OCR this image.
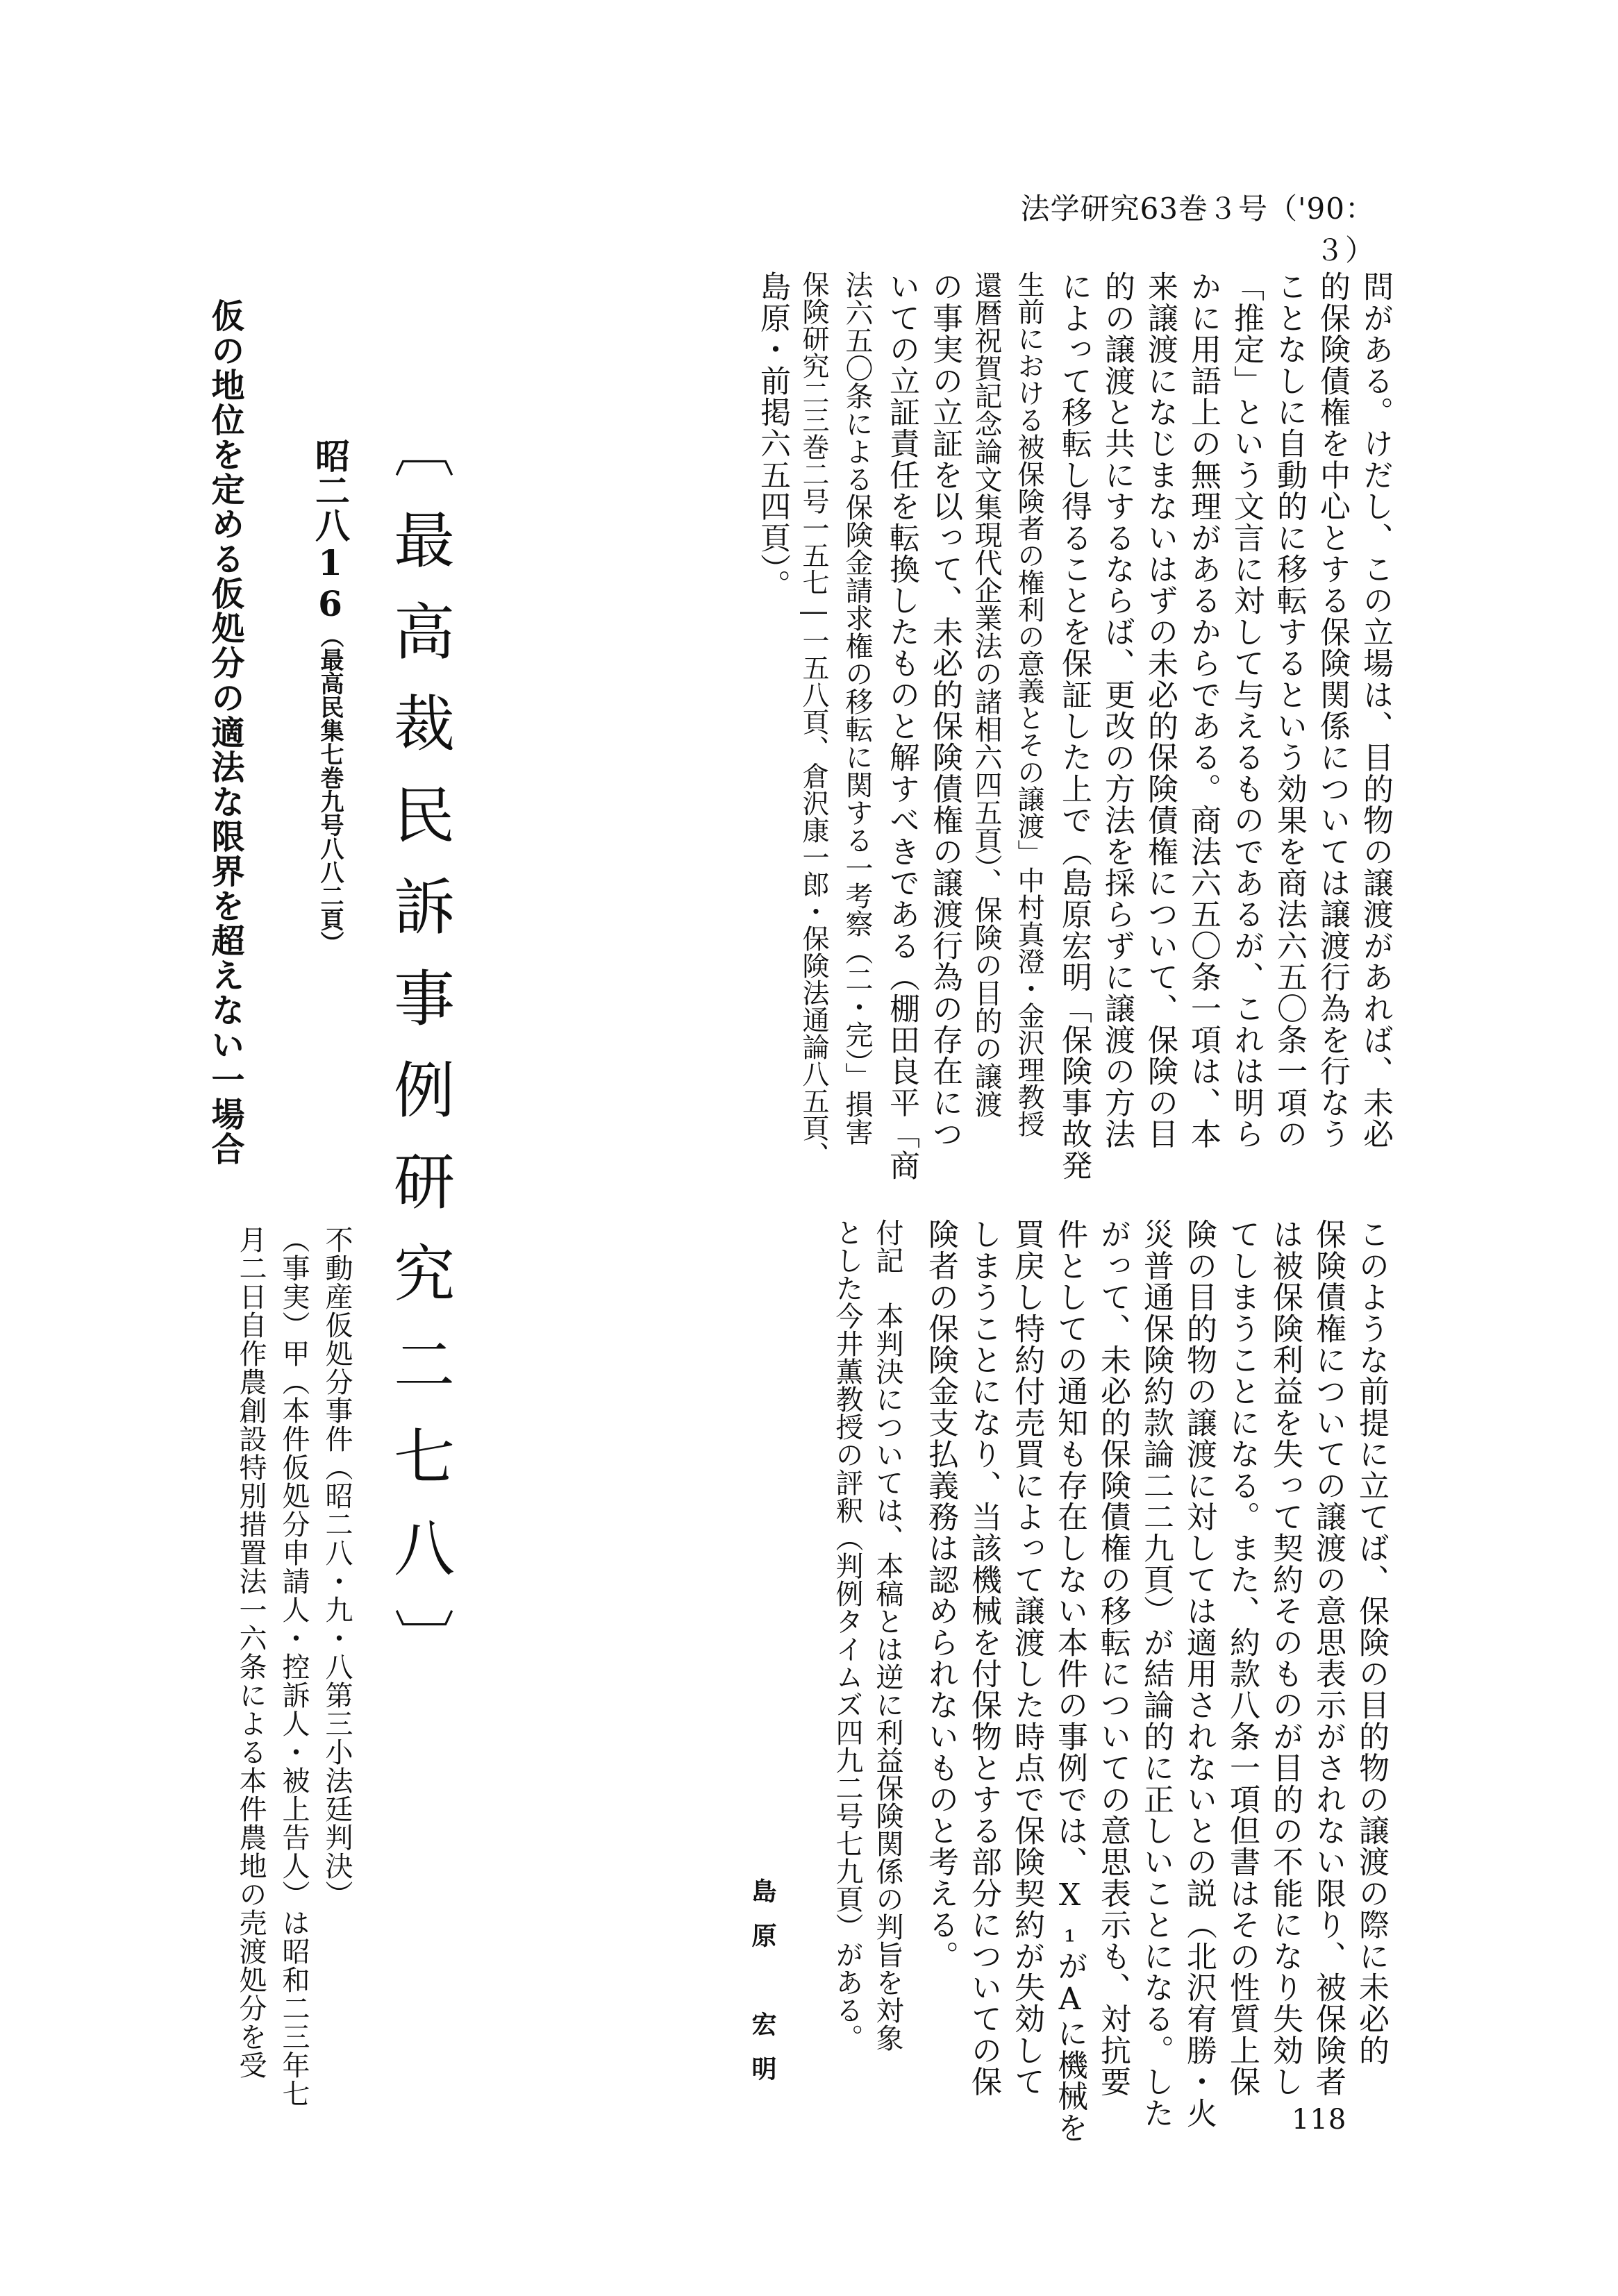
法学研究63巻３号（'90：３）
問がある。けだし、この立場は、目的物の譲渡があれば、未必
的保険債権を中心とする保険関係については譲渡行為を行なう
ことなしに自動的に移転するという効果を商法六五〇条一項の
「推定」という文言に対して与えるものであるが、これは明ら
かに用語上の無理があるからである。商法六五〇条一項は、本
来譲渡になじまないはずの未必的保険債権について、保険の目
的の譲渡と共にするならば、更改の方法を採らずに譲渡の方法
によって移転し得ることを保証した上で（島原宏明「保険事故発
生前における被保険者の権利の意義とその譲渡」中村真澄・金沢理教授
還暦祝賀記念論文集現代企業法の諸相六四五頁）、保険の目的の譲渡
の事実の立証を以って、未必的保険債権の譲渡行為の存在につ
いての立証責任を転換したものと解すべきである（棚田良平「商
法六五〇条による保険金請求権の移転に関する一考察（二・完）」損害
保険研究二三巻二号一五七―一五八頁、倉沢康一郎・保険法通論八五頁、
島原・前掲六五四頁）。
このような前提に立てば、保険の目的物の譲渡の際に未必的
保険債権についての譲渡の意思表示がされない限り、被保険者
は被保険利益を失って契約そのものが目的の不能になり失効し
てしまうことになる。また、約款八条一項但書はその性質上保
険の目的物の譲渡に対しては適用されないとの説（北沢宥勝・火
災普通保険約款論二二九頁）が結論的に正しいことになる。した
がって、未必的保険債権の移転についての意思表示も、対抗要
件としての通知も存在しない本件の事例では、X₁がAに機械を
買戻し特約付売買によって譲渡した時点で保険契約が失効して
しまうことになり、当該機械を付保物とする部分についての保
険者の保険金支払義務は認められないものと考える。
付記　本判決については、本稿とは逆に利益保険関係の判旨を対象
とした今井薫教授の評釈（判例タイムズ四九二号七九頁）がある。
島原　宏明
〔最高裁民訴事例研究二七八〕

昭二八16（最高民集七巻九号八八二頁）

仮の地位を定める仮処分の適法な限界を超えない一場合
不動産仮処分事件（昭二八・九・八第三小法廷判決）
（事実）甲（本件仮処分申請人・控訴人・被上告人）は昭和二三年七
月二日自作農創設特別措置法一六条による本件農地の売渡処分を受
118
